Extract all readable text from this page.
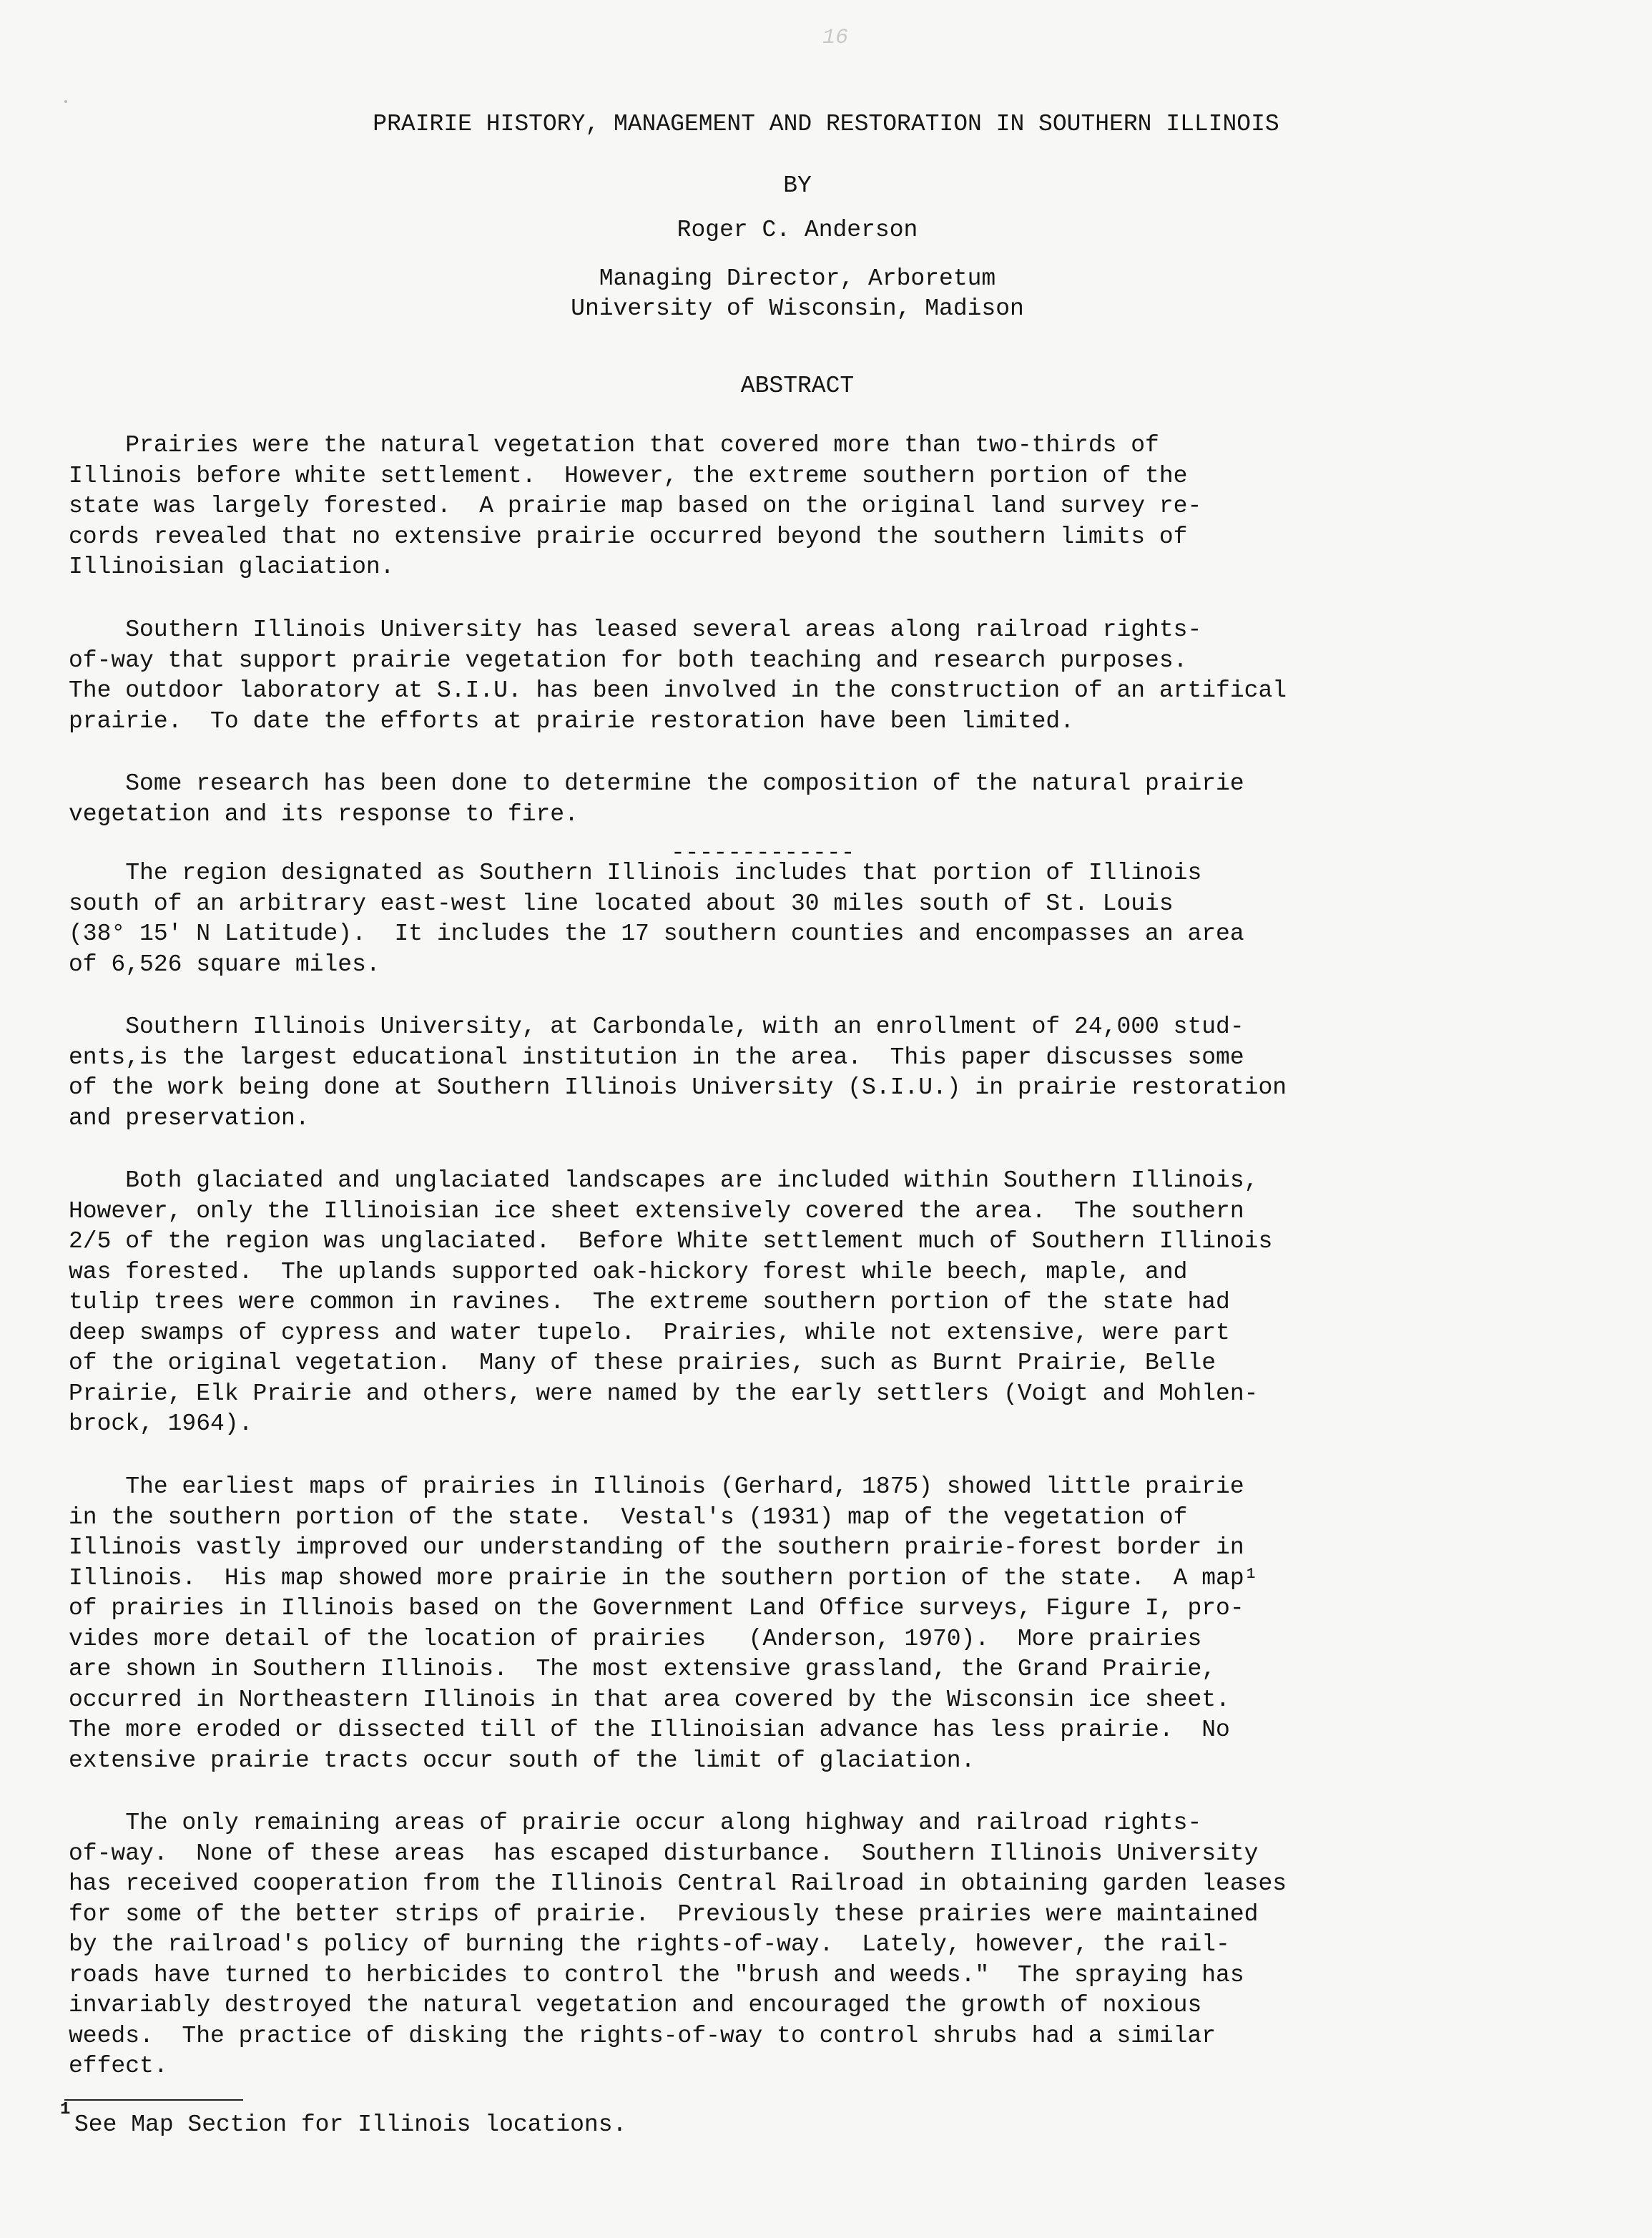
16
PRAIRIE HISTORY, MANAGEMENT AND RESTORATION IN SOUTHERN ILLINOIS
BY
Roger C. Anderson
Managing Director, Arboretum
University of Wisconsin, Madison
ABSTRACT

Prairies were the natural vegetation that covered more than two-thirds of
Illinois before white settlement.  However, the extreme southern portion of the
state was largely forested.  A prairie map based on the original land survey re-
cords revealed that no extensive prairie occurred beyond the southern limits of
Illinoisian glaciation.

Southern Illinois University has leased several areas along railroad rights-
of-way that support prairie vegetation for both teaching and research purposes.
The outdoor laboratory at S.I.U. has been involved in the construction of an artifical
prairie.  To date the efforts at prairie restoration have been limited.

Some research has been done to determine the composition of the natural prairie
vegetation and its response to fire.

-------------

The region designated as Southern Illinois includes that portion of Illinois
south of an arbitrary east-west line located about 30 miles south of St. Louis
(38° 15' N Latitude).  It includes the 17 southern counties and encompasses an area
of 6,526 square miles.

Southern Illinois University, at Carbondale, with an enrollment of 24,000 stud-
ents,is the largest educational institution in the area.  This paper discusses some
of the work being done at Southern Illinois University (S.I.U.) in prairie restoration
and preservation.

Both glaciated and unglaciated landscapes are included within Southern Illinois,
However, only the Illinoisian ice sheet extensively covered the area.  The southern
2/5 of the region was unglaciated.  Before White settlement much of Southern Illinois
was forested.  The uplands supported oak-hickory forest while beech, maple, and
tulip trees were common in ravines.  The extreme southern portion of the state had
deep swamps of cypress and water tupelo.  Prairies, while not extensive, were part
of the original vegetation.  Many of these prairies, such as Burnt Prairie, Belle
Prairie, Elk Prairie and others, were named by the early settlers (Voigt and Mohlen-
brock, 1964).

The earliest maps of prairies in Illinois (Gerhard, 1875) showed little prairie
in the southern portion of the state.  Vestal's (1931) map of the vegetation of
Illinois vastly improved our understanding of the southern prairie-forest border in
Illinois.  His map showed more prairie in the southern portion of the state.  A map¹
of prairies in Illinois based on the Government Land Office surveys, Figure I, pro-
vides more detail of the location of prairies   (Anderson, 1970).  More prairies
are shown in Southern Illinois.  The most extensive grassland, the Grand Prairie,
occurred in Northeastern Illinois in that area covered by the Wisconsin ice sheet.
The more eroded or dissected till of the Illinoisian advance has less prairie.  No
extensive prairie tracts occur south of the limit of glaciation.

The only remaining areas of prairie occur along highway and railroad rights-
of-way.  None of these areas  has escaped disturbance.  Southern Illinois University
has received cooperation from the Illinois Central Railroad in obtaining garden leases
for some of the better strips of prairie.  Previously these prairies were maintained
by the railroad's policy of burning the rights-of-way.  Lately, however, the rail-
roads have turned to herbicides to control the "brush and weeds."  The spraying has
invariably destroyed the natural vegetation and encouraged the growth of noxious
weeds.  The practice of disking the rights-of-way to control shrubs had a similar
effect.

1
See Map Section for Illinois locations.
